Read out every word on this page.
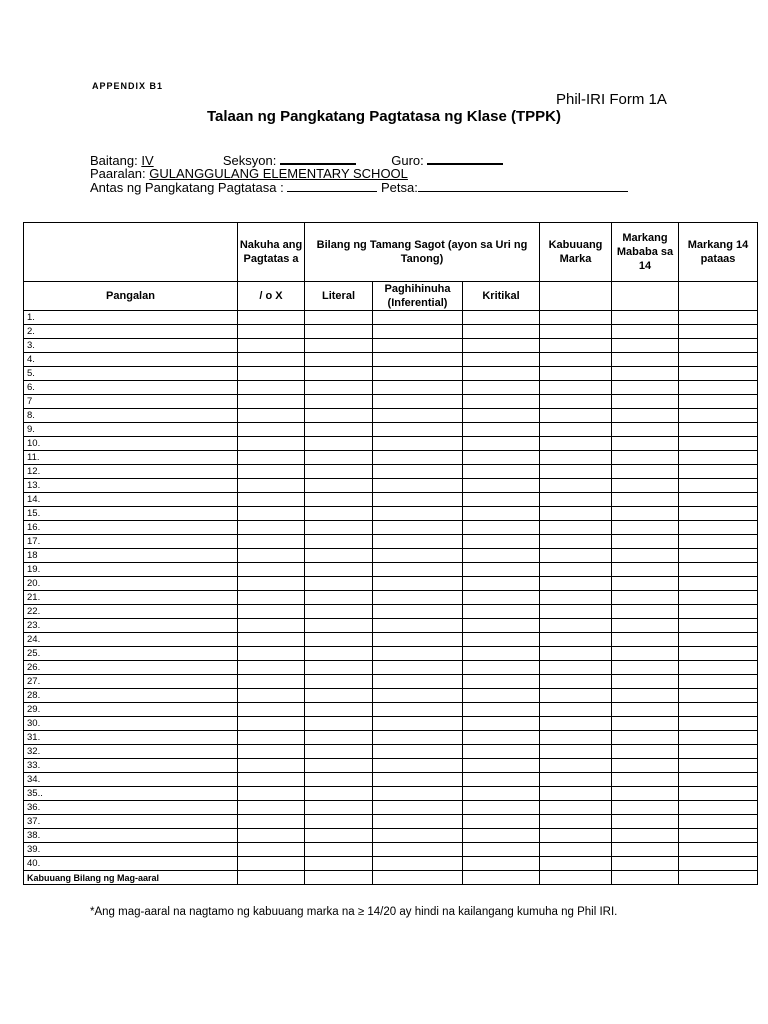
APPENDIX B1
Phil-IRI Form 1A
Talaan ng Pangkatang Pagtatasa ng Klase (TPPK)
Baitang: IV	Seksyon:	Guro:
Paaralan: GULANGGULANG ELEMENTARY SCHOOL
Antas ng Pangkatang Pagtatasa :	Petsa:
	Nakuha ang Pagtatas a	Bilang ng Tamang Sagot (ayon sa Uri ng Tanong)			Kabuuang Marka	Markang Mababa sa 14	Markang 14 pataas
Pangalan	/ o X	Literal	Paghihinuha (Inferential)	Kritikal			
1.							
2.							
3.							
4.							
5.							
6.							
7							
8.							
9.							
10.							
11.							
12.							
13.							
14.							
15.							
16.							
17.							
18							
19.							
20.							
21.							
22.							
23.							
24.							
25.							
26.							
27.							
28.							
29.							
30.							
31.							
32.							
33.							
34.							
35..							
36.							
37.							
38.							
39.							
40.							
Kabuuang Bilang ng Mag-aaral							
*Ang mag-aaral na nagtamo ng kabuuang marka na ≥ 14/20 ay hindi na kailangang kumuha ng Phil IRI.
